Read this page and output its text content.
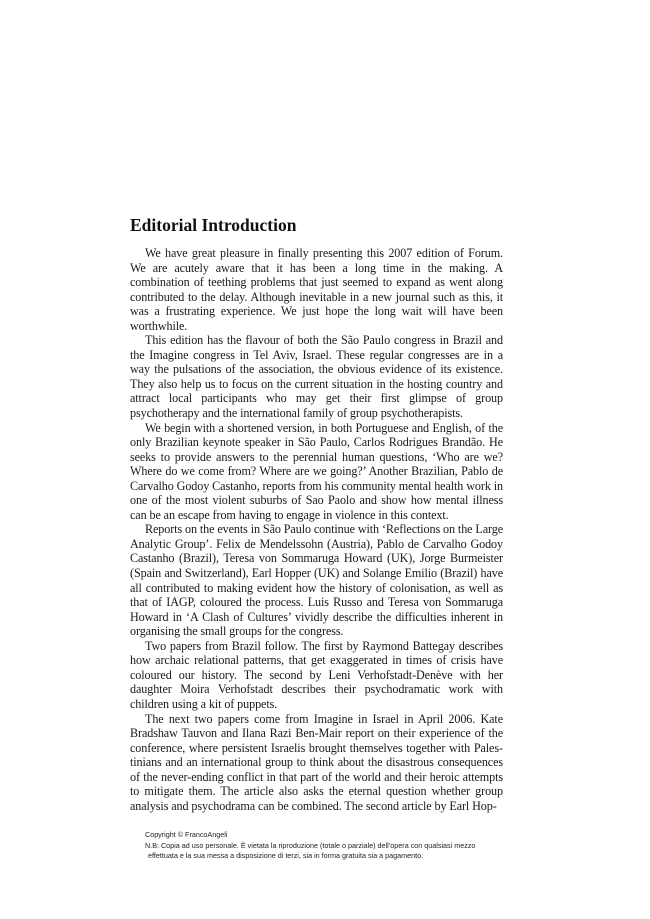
Editorial Introduction

We have great pleasure in finally presenting this 2007 edition of Forum. We are acutely aware that it has been a long time in the making. A combination of teething problems that just seemed to expand as went along contributed to the delay. Although inevitable in a new journal such as this, it was a frustrating experience. We just hope the long wait will have been worthwhile.

This edition has the flavour of both the São Paulo congress in Brazil and the Imagine congress in Tel Aviv, Israel. These regular congresses are in a way the pulsations of the association, the obvious evidence of its existence. They also help us to focus on the current situation in the hosting country and attract local participants who may get their first glimpse of group psychotherapy and the international family of group psychotherapists.

We begin with a shortened version, in both Portuguese and English, of the only Brazilian keynote speaker in São Paulo, Carlos Rodrigues Brandão. He seeks to provide answers to the perennial human questions, ‘Who are we? Where do we come from? Where are we going?’ Another Brazilian, Pablo de Carvalho Godoy Castanho, reports from his community mental health work in one of the most violent suburbs of Sao Paolo and show how mental illness can be an escape from having to engage in violence in this context.

Reports on the events in São Paulo continue with ‘Reflections on the Large Analytic Group’. Felix de Mendelssohn (Austria), Pablo de Carvalho Godoy Castanho (Brazil), Teresa von Sommaruga Howard (UK), Jorge Burmeister (Spain and Switzerland), Earl Hopper (UK) and Solange Emilio (Brazil) have all contributed to making evident how the history of colonisation, as well as that of IAGP, coloured the process. Luis Russo and Teresa von Sommaruga Howard in ‘A Clash of Cultures’ vividly describe the difficulties inherent in organising the small groups for the congress.

Two papers from Brazil follow. The first by Raymond Battegay describes how archaic relational patterns, that get exaggerated in times of crisis have coloured our history. The second by Leni Verhofstadt-Denève with her daughter Moira Verhofstadt describes their psychodramatic work with children using a kit of puppets.

The next two papers come from Imagine in Israel in April 2006. Kate Bradshaw Tauvon and Ilana Razi Ben-Mair report on their experience of the conference, where persistent Israelis brought themselves together with Palestinians and an international group to think about the disastrous consequences of the never-ending conflict in that part of the world and their heroic attempts to mitigate them. The article also asks the eternal question whether group analysis and psychodrama can be combined. The second article by Earl Hop-

Copyright © FrancoAngeli

N.B: Copia ad uso personale. È vietata la riproduzione (totale o parziale) dell’opera con qualsiasi mezzo

effettuata e la sua messa a disposizione di terzi, sia in forma gratuita sia a pagamento.
